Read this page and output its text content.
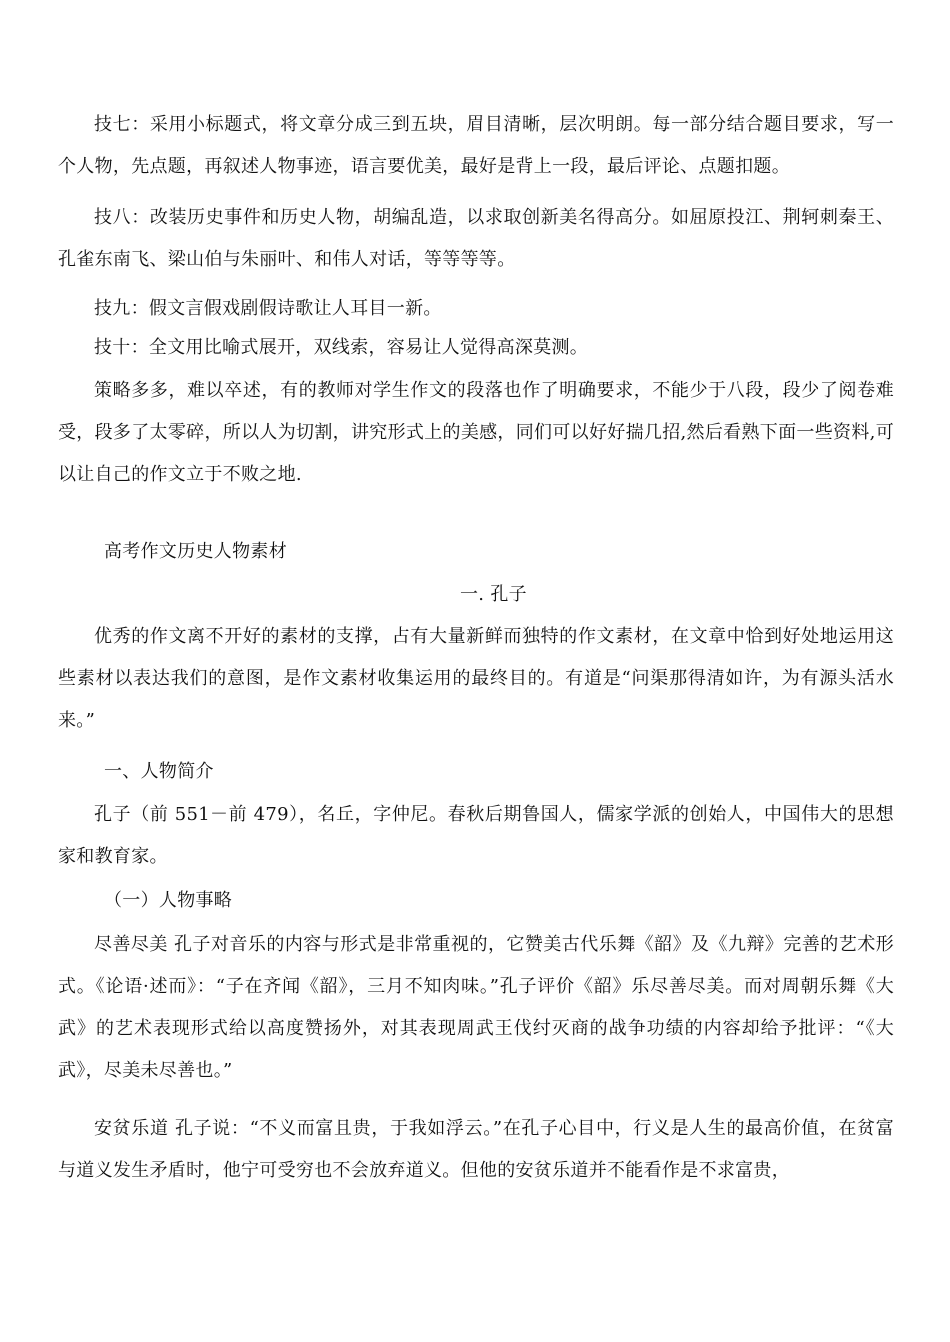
技七：采用小标题式，将文章分成三到五块，眉目清晰，层次明朗。每一部分结合题目要求，写一个人物，先点题，再叙述人物事迹，语言要优美，最好是背上一段，最后评论、点题扣题。

技八：改装历史事件和历史人物，胡编乱造，以求取创新美名得高分。如屈原投江、荆轲刺秦王、孔雀东南飞、梁山伯与朱丽叶、和伟人对话，等等等等。

技九：假文言假戏剧假诗歌让人耳目一新。

技十：全文用比喻式展开，双线索，容易让人觉得高深莫测。

策略多多，难以卒述，有的教师对学生作文的段落也作了明确要求，不能少于八段，段少了阅卷难受，段多了太零碎，所以人为切割，讲究形式上的美感，同们可以好好揣几招,然后看熟下面一些资料,可以让自己的作文立于不败之地.

高考作文历史人物素材
一. 孔子

优秀的作文离不开好的素材的支撑，占有大量新鲜而独特的作文素材，在文章中恰到好处地运用这些素材以表达我们的意图，是作文素材收集运用的最终目的。有道是“问渠那得清如许，为有源头活水来。”

一、人物简介

孔子（前 551－前 479），名丘，字仲尼。春秋后期鲁国人，儒家学派的创始人，中国伟大的思想家和教育家。

（一）人物事略

尽善尽美 孔子对音乐的内容与形式是非常重视的，它赞美古代乐舞《韶》及《九辩》完善的艺术形式。《论语·述而》：“子在齐闻《韶》，三月不知肉味。”孔子评价《韶》乐尽善尽美。而对周朝乐舞《大武》的艺术表现形式给以高度赞扬外，对其表现周武王伐纣灭商的战争功绩的内容却给予批评：“《大武》，尽美未尽善也。”

安贫乐道 孔子说：“不义而富且贵，于我如浮云。”在孔子心目中，行义是人生的最高价值，在贫富与道义发生矛盾时，他宁可受穷也不会放弃道义。但他的安贫乐道并不能看作是不求富贵，
